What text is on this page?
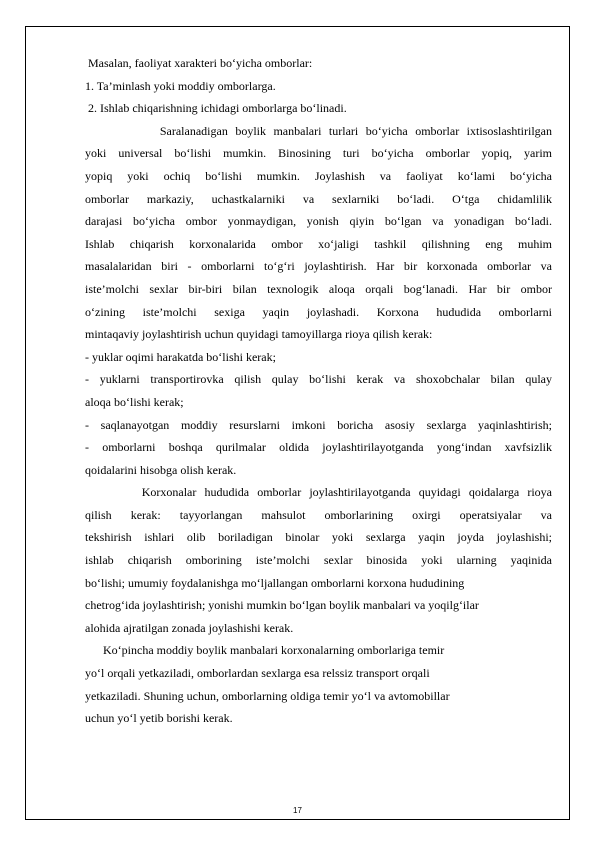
Masalan, faoliyat xarakteri bo‘yicha omborlar:
1. Ta’minlash yoki moddiy omborlarga.
2. Ishlab chiqarishning ichidagi omborlarga bo‘linadi.
Saralanadigan boylik manbalari turlari bo‘yicha omborlar ixtisoslashtirilgan
yoki universal bo‘lishi mumkin. Binosining turi bo‘yicha omborlar yopiq, yarim
yopiq yoki ochiq bo‘lishi mumkin. Joylashish va faoliyat ko‘lami bo‘yicha
omborlar markaziy, uchastkalarniki va sexlarniki bo‘ladi. O‘tga chidamlilik
darajasi bo‘yicha ombor yonmaydigan, yonish qiyin bo‘lgan va yonadigan bo‘ladi.
Ishlab chiqarish korxonalarida ombor xo‘jaligi tashkil qilishning eng muhim
masalalaridan biri - omborlarni to‘g‘ri joylashtirish. Har bir korxonada omborlar va
iste’molchi sexlar bir-biri bilan texnologik aloqa orqali bog‘lanadi. Har bir ombor
o‘zining iste’molchi sexiga yaqin joylashadi. Korxona hududida omborlarni
mintaqaviy joylashtirish uchun quyidagi tamoyillarga rioya qilish kerak:
- yuklar oqimi harakatda bo‘lishi kerak;
- yuklarni transportirovka qilish qulay bo‘lishi kerak va shoxobchalar bilan qulay
aloqa bo‘lishi kerak;
- saqlanayotgan moddiy resurslarni imkoni boricha asosiy sexlarga yaqinlashtirish;
- omborlarni boshqa qurilmalar oldida joylashtirilayotganda yong‘indan xavfsizlik
qoidalarini hisobga olish kerak.
Korxonalar hududida omborlar joylashtirilayotganda quyidagi qoidalarga rioya
qilish kerak: tayyorlangan mahsulot omborlarining oxirgi operatsiyalar va
tekshirish ishlari olib boriladigan binolar yoki sexlarga yaqin joyda joylashishi;
ishlab chiqarish omborining iste’molchi sexlar binosida yoki ularning yaqinida
bo‘lishi; umumiy foydalanishga mo‘ljallangan omborlarni korxona hududining
chetrog‘ida joylashtirish; yonishi mumkin bo‘lgan boylik manbalari va yoqilg‘ilar
alohida ajratilgan zonada joylashishi kerak.
Ko‘pincha moddiy boylik manbalari korxonalarning omborlariga temir
yo‘l orqali yetkaziladi, omborlardan sexlarga esa relssiz transport orqali
yetkaziladi. Shuning uchun, omborlarning oldiga temir yo‘l va avtomobillar
uchun yo‘l yetib borishi kerak.
17
